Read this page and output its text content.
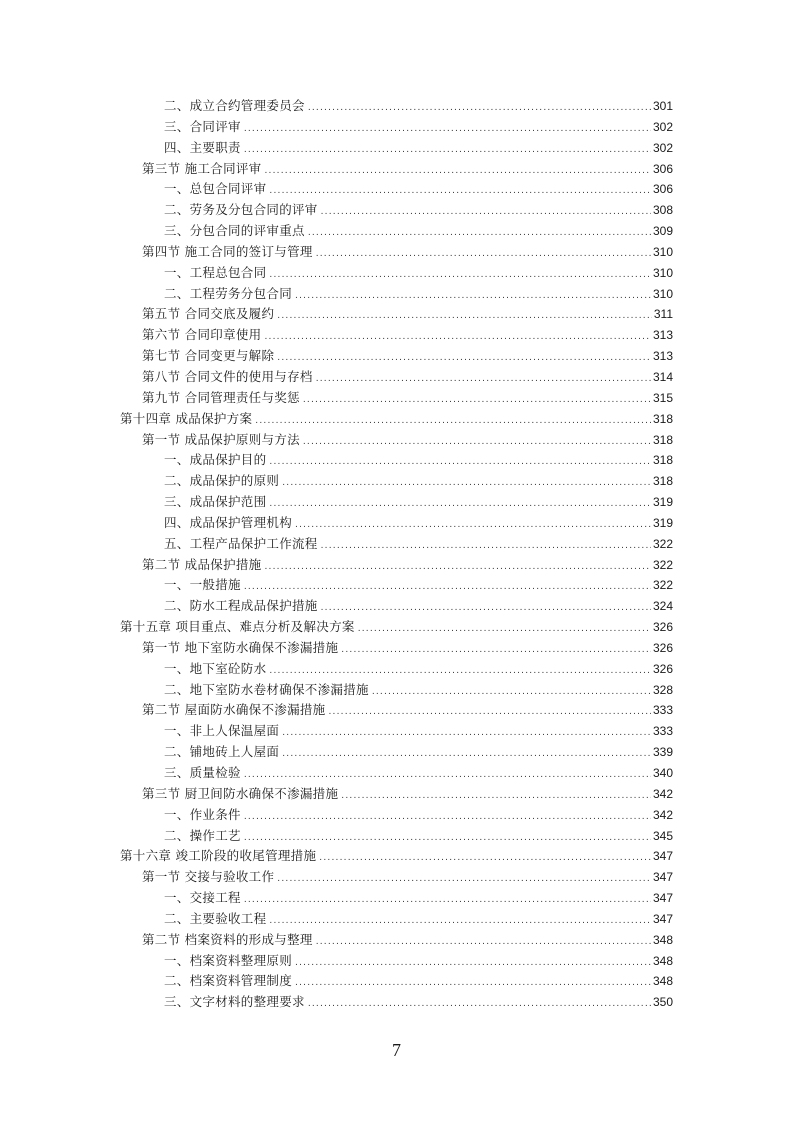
二、成立合约管理委员会 .....	301
三、合同评审 .....	302
四、主要职责 .....	302
第三节 施工合同评审 .....	306
一、总包合同评审 .....	306
二、劳务及分包合同的评审 .....	308
三、分包合同的评审重点 .....	309
第四节 施工合同的签订与管理 .....	310
一、工程总包合同 .....	310
二、工程劳务分包合同 .....	310
第五节 合同交底及履约 .....	311
第六节 合同印章使用 .....	313
第七节 合同变更与解除 .....	313
第八节 合同文件的使用与存档 .....	314
第九节 合同管理责任与奖惩 .....	315
第十四章 成品保护方案 .....	318
第一节 成品保护原则与方法 .....	318
一、成品保护目的 .....	318
二、成品保护的原则 .....	318
三、成品保护范围 .....	319
四、成品保护管理机构 .....	319
五、工程产品保护工作流程 .....	322
第二节 成品保护措施 .....	322
一、一般措施 .....	322
二、防水工程成品保护措施 .....	324
第十五章 项目重点、难点分析及解决方案 .....	326
第一节 地下室防水确保不渗漏措施 .....	326
一、地下室砼防水 .....	326
二、地下室防水卷材确保不渗漏措施 .....	328
第二节 屋面防水确保不渗漏措施 .....	333
一、非上人保温屋面 .....	333
二、铺地砖上人屋面 .....	339
三、质量检验 .....	340
第三节 厨卫间防水确保不渗漏措施 .....	342
一、作业条件 .....	342
二、操作工艺 .....	345
第十六章 竣工阶段的收尾管理措施 .....	347
第一节 交接与验收工作 .....	347
一、交接工程 .....	347
二、主要验收工程 .....	347
第二节 档案资料的形成与整理 .....	348
一、档案资料整理原则 .....	348
二、档案资料管理制度 .....	348
三、文字材料的整理要求 .....	350
7
